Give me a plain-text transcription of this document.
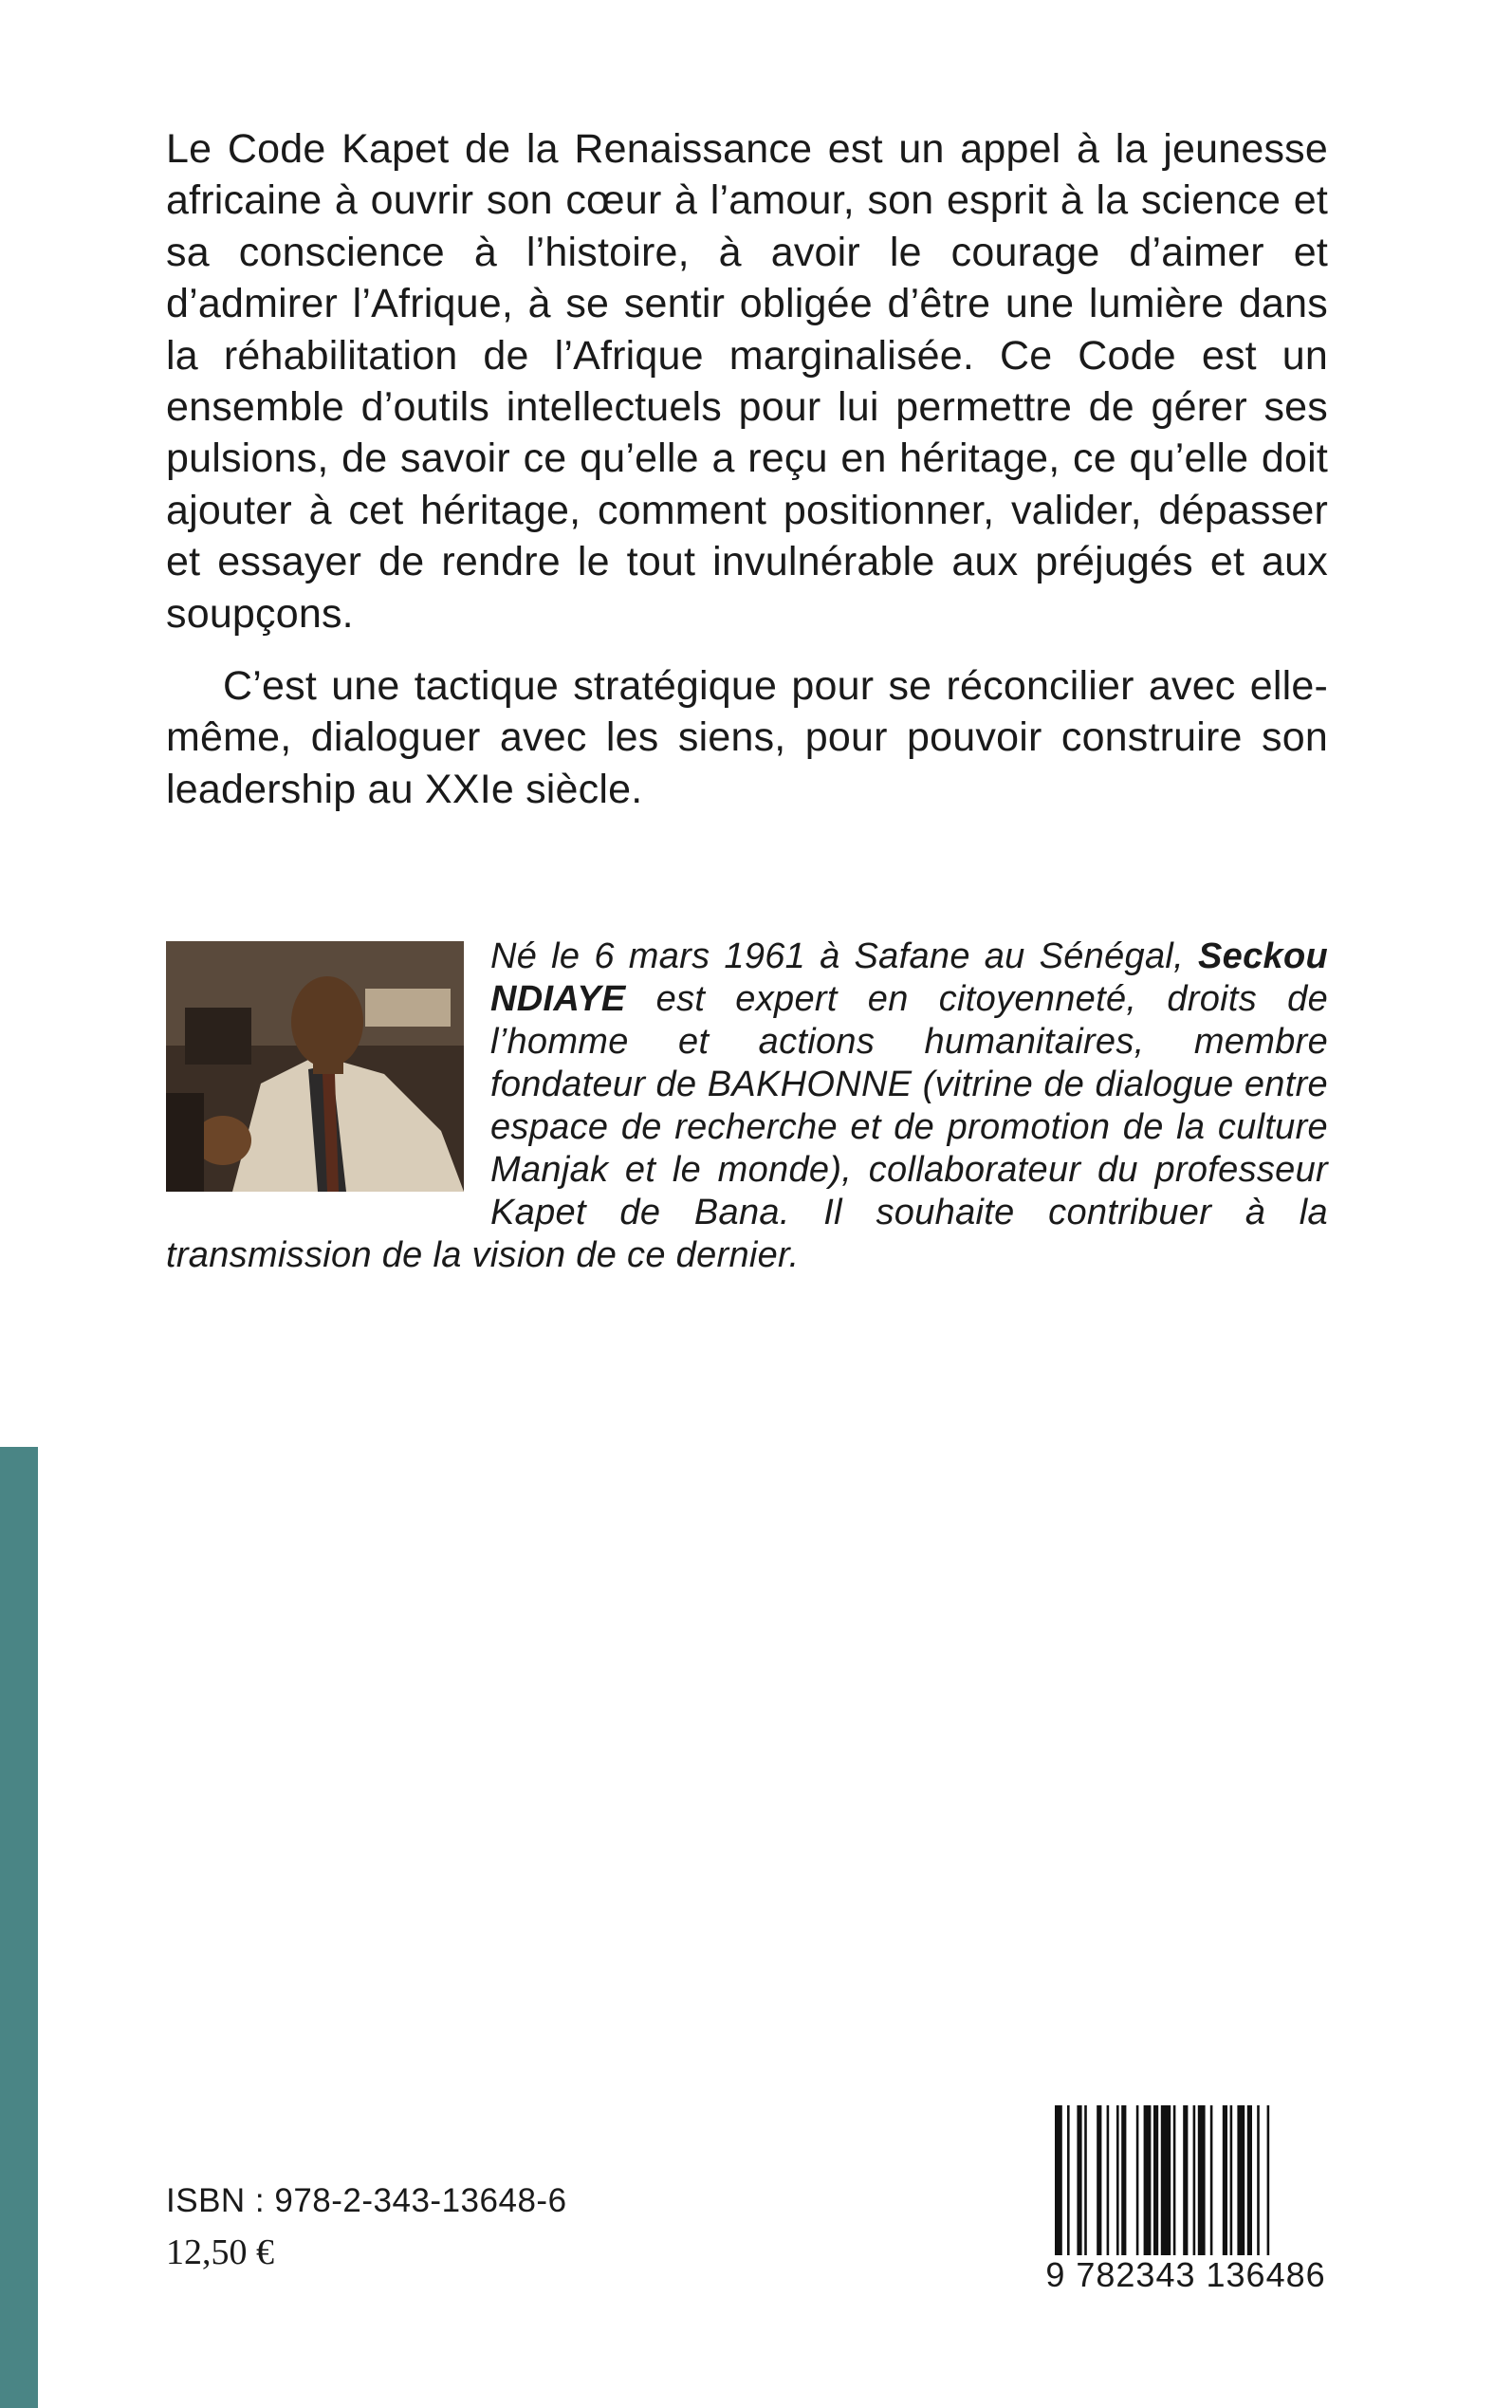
Le Code Kapet de la Renaissance est un appel à la jeunesse africaine à ouvrir son cœur à l’amour, son esprit à la science et sa conscience à l’histoire, à avoir le courage d’aimer et d’admirer l’Afrique, à se sentir obligée d’être une lumière dans la réhabilitation de l’Afrique marginalisée. Ce Code est un ensemble d’outils intellectuels pour lui permettre de gérer ses pulsions, de savoir ce qu’elle a reçu en héritage, ce qu’elle doit ajouter à cet héritage, comment positionner, valider, dépasser et essayer de rendre le tout invulnérable aux préjugés et aux soupçons.

C’est une tactique stratégique pour se réconcilier avec elle-même, dialoguer avec les siens, pour pouvoir construire son leadership au XXIe siècle.

Né le 6 mars 1961 à Safane au Sénégal, Seckou NDIAYE est expert en citoyenneté, droits de l’homme et actions humanitaires, membre fondateur de BAKHONNE (vitrine de dialogue entre espace de recherche et de promotion de la culture Manjak et le monde), collaborateur du professeur Kapet de Bana. Il souhaite contribuer à la transmission de la vision de ce dernier.
ISBN : 978-2-343-13648-6
12,50 €
9 782343 136486
